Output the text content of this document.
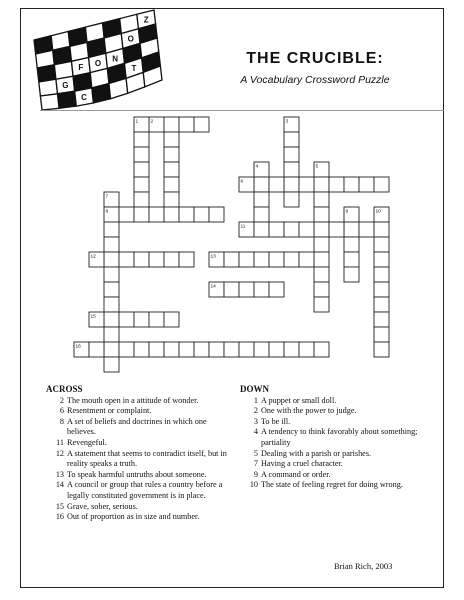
Z
O
O
F O
N
T
G
C
THE CRUCIBLE:
A Vocabulary Crossword Puzzle
1	2	3
4	5
6
7
8	9	10
11
12	13
14
15
16
ACROSS
2 The mouth open in a attitude of wonder.
6 Resentment or complaint.
8 A set of beliefs and doctrines in which one believes.
11 Revengeful.
12 A statement that seems to contradict itself, but in reality speaks a truth.
13 To speak harmful untruths about someone.
14 A council or group that rules a country before a legally constituted government is in place.
15 Grave, sober, serious.
16 Out of proportion as in size and number.
DOWN
1 A puppet or small doll.
2 One with the power to judge.
3 To be ill.
4 A tendency to think favorably about something; partiality
5 Dealing with a parish or parishes.
7 Having a cruel character.
9 A command or order.
10 The state of feeling regret for doing wrong.
Brian Rich, 2003
